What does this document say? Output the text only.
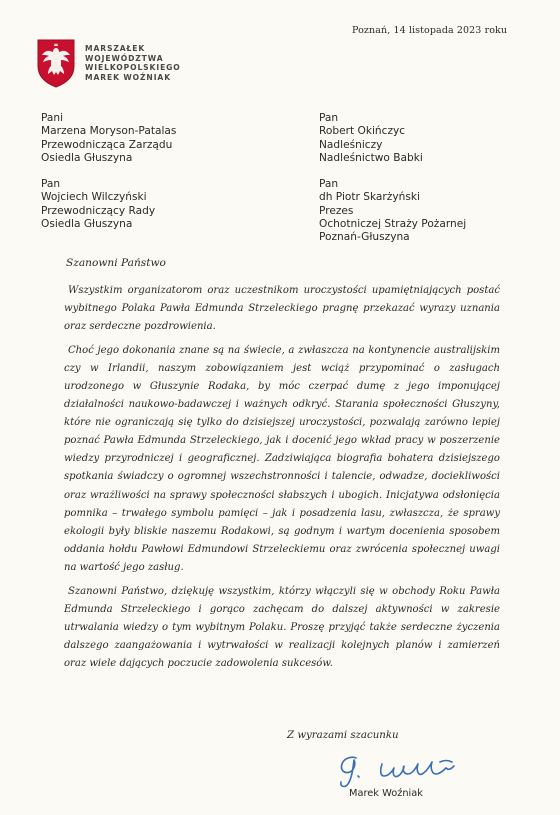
Poznań, 14 listopada 2023 roku
MARSZAŁEK
WOJEWÓDZTWA
WIELKOPOLSKIEGO
MAREK WOŹNIAK
Pani
Marzena Moryson-Patalas
Przewodnicząca Zarządu
Osiedla Głuszyna
Pan
Robert Okińczyc
Nadleśniczy
Nadleśnictwo Babki
Pan
Wojciech Wilczyński
Przewodniczący Rady
Osiedla Głuszyna
Pan
dh Piotr Skarżyński
Prezes
Ochotniczej Straży Pożarnej
Poznań-Głuszyna
Szanowni Państwo

Wszystkim organizatorom oraz uczestnikom uroczystości upamiętniających postać wybitnego Polaka Pawła Edmunda Strzeleckiego pragnę przekazać wyrazy uznania oraz serdeczne pozdrowienia.

Choć jego dokonania znane są na świecie, a zwłaszcza na kontynencie australijskim czy w Irlandii, naszym zobowiązaniem jest wciąż przypominać o zasługach urodzonego w Głuszynie Rodaka, by móc czerpać dumę z jego imponującej działalności naukowo-badawczej i ważnych odkryć. Starania społeczności Głuszyny, które nie ograniczają się tylko do dzisiejszej uroczystości, pozwalają zarówno lepiej poznać Pawła Edmunda Strzeleckiego, jak i docenić jego wkład pracy w poszerzenie wiedzy przyrodniczej i geograficznej. Zadziwiająca biografia bohatera dzisiejszego spotkania świadczy o ogromnej wszechstronności i talencie, odwadze, dociekliwości oraz wrażliwości na sprawy społeczności słabszych i ubogich. Inicjatywa odsłonięcia pomnika – trwałego symbolu pamięci – jak i posadzenia lasu, zwłaszcza, że sprawy ekologii były bliskie naszemu Rodakowi, są godnym i wartym docenienia sposobem oddania hołdu Pawłowi Edmundowi Strzeleckiemu oraz zwrócenia społecznej uwagi na wartość jego zasług.

Szanowni Państwo, dziękuję wszystkim, którzy włączyli się w obchody Roku Pawła Edmunda Strzeleckiego i gorąco zachęcam do dalszej aktywności w zakresie utrwalania wiedzy o tym wybitnym Polaku. Proszę przyjąć także serdeczne życzenia dalszego zaangażowania i wytrwałości w realizacji kolejnych planów i zamierzeń oraz wiele dających poczucie zadowolenia sukcesów.

Z wyrazami szacunku
Marek Woźniak
